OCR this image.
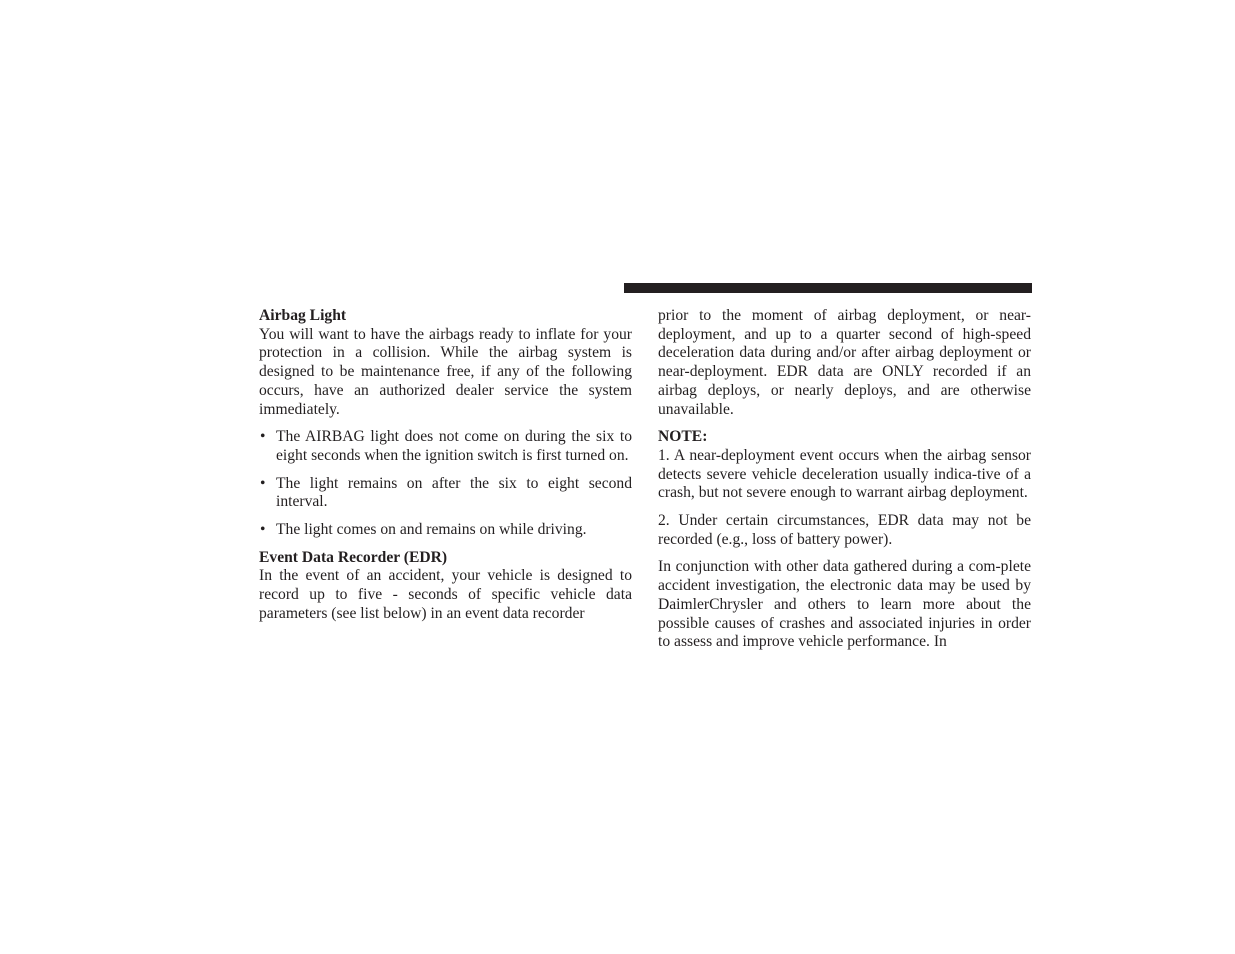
Airbag Light

You will want to have the airbags ready to inflate for your protection in a collision. While the airbag system is designed to be maintenance free, if any of the following occurs, have an authorized dealer service the system immediately.

• The AIRBAG light does not come on during the six to eight seconds when the ignition switch is first turned on.
• The light remains on after the six to eight second interval.
• The light comes on and remains on while driving.

Event Data Recorder (EDR)

In the event of an accident, your vehicle is designed to record up to five - seconds of specific vehicle data parameters (see list below) in an event data recorder

prior to the moment of airbag deployment, or near-deployment, and up to a quarter second of high-speed deceleration data during and/or after airbag deployment or near-deployment. EDR data are ONLY recorded if an airbag deploys, or nearly deploys, and are otherwise unavailable.

NOTE:

1. A near-deployment event occurs when the airbag sensor detects severe vehicle deceleration usually indica-tive of a crash, but not severe enough to warrant airbag deployment.

2. Under certain circumstances, EDR data may not be recorded (e.g., loss of battery power).

In conjunction with other data gathered during a com-plete accident investigation, the electronic data may be used by DaimlerChrysler and others to learn more about the possible causes of crashes and associated injuries in order to assess and improve vehicle performance. In
